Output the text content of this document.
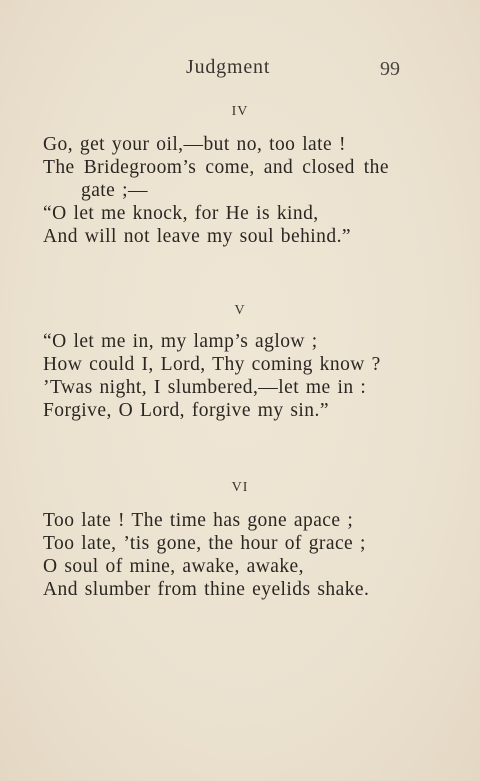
Judgment	99
IV
Go, get your oil,—but no, too late !
The Bridegroom’s come, and closed the
gate ;—
“O let me knock, for He is kind,
And will not leave my soul behind.”
V
“O let me in, my lamp’s aglow ;
How could I, Lord, Thy coming know ?
’Twas night, I slumbered,—let me in :
Forgive, O Lord, forgive my sin.”
VI
Too late ! The time has gone apace ;
Too late, ’tis gone, the hour of grace ;
O soul of mine, awake, awake,
And slumber from thine eyelids shake.
